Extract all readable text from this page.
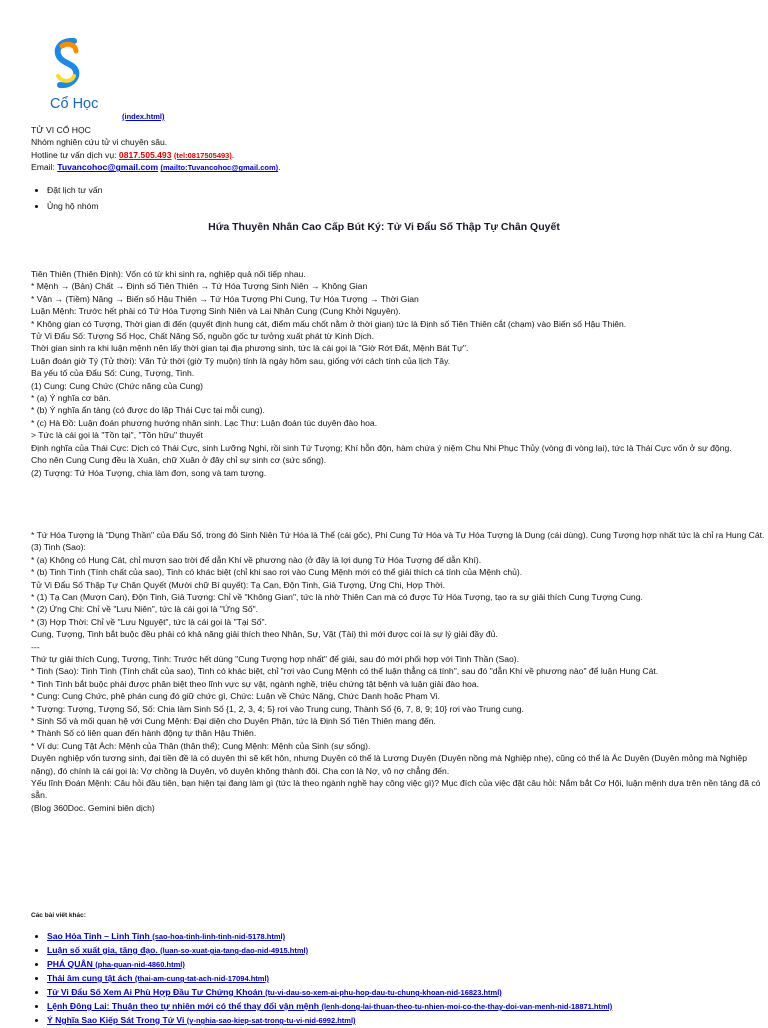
Cổ Học
(index.html)
TỬ VI CỔ HỌC
Nhóm nghiên cứu tử vi chuyên sâu.
Hotline tư vấn dịch vụ: 0817.505.493 (tel:0817505493).
Email: Tuvancohoc@gmail.com (mailto:Tuvancohoc@gmail.com).
• Đặt lịch tư vấn
• Ủng hộ nhóm
Hứa Thuyên Nhân Cao Cấp Bút Ký: Tử Vi Đẩu Số Thập Tự Chân Quyết

Tiên Thiên (Thiên Định): Vốn có từ khi sinh ra, nghiệp quả nối tiếp nhau.

* Mệnh → (Bản) Chất → Định số Tiên Thiên → Tứ Hóa Tượng Sinh Niên → Không Gian

* Vận → (Tiềm) Năng → Biến số Hậu Thiên → Tứ Hóa Tượng Phi Cung, Tự Hóa Tượng → Thời Gian

Luận Mệnh: Trước hết phải có Tứ Hóa Tượng Sinh Niên và Lai Nhân Cung (Cung Khởi Nguyên).

* Không gian có Tượng, Thời gian đi đến (quyết định hung cát, điểm mấu chốt nằm ở thời gian) tức là Định số Tiên Thiên cắt (chạm) vào Biến số Hậu Thiên.

Tử Vi Đẩu Số: Tượng Số Học, Chất Năng Số, nguồn gốc tư tưởng xuất phát từ Kinh Dịch.

Thời gian sinh ra khi luận mệnh nên lấy thời gian tại địa phương sinh, tức là cái gọi là "Giờ Rớt Đất, Mệnh Bát Tự".

Luận đoán giờ Tý (Tử thời): Vãn Tử thời (giờ Tý muộn) tính là ngày hôm sau, giống với cách tính của lịch Tây.

Ba yếu tố của Đẩu Số: Cung, Tượng, Tinh.

(1) Cung: Cung Chức (Chức năng của Cung)

* (a) Ý nghĩa cơ bản.

* (b) Ý nghĩa ẩn tàng (có được do lập Thái Cực tại mỗi cung).

* (c) Hà Đồ: Luận đoán phương hướng nhân sinh. Lạc Thư: Luận đoán túc duyên đào hoa.

> Tức là cái gọi là "Tồn tại", "Tồn hữu" thuyết

Định nghĩa của Thái Cực: Dịch có Thái Cực, sinh Lưỡng Nghi, rồi sinh Tứ Tượng; Khí hỗn độn, hàm chứa ý niệm Chu Nhi Phục Thủy (vòng đi vòng lại), tức là Thái Cực vốn ở sự động.

Cho nên Cung Cung đều là Xuân, chữ Xuân ở đây chỉ sự sinh cơ (sức sống).

(2) Tượng: Tứ Hóa Tượng, chia làm đơn, song và tam tượng.

* Tứ Hóa Tượng là "Dụng Thần" của Đẩu Số, trong đó Sinh Niên Tứ Hóa là Thể (cái gốc), Phi Cung Tứ Hóa và Tự Hóa Tượng là Dụng (cái dùng). Cung Tượng hợp nhất tức là chỉ ra Hung Cát.

(3) Tinh (Sao):

* (a) Không có Hung Cát, chỉ mượn sao trời để dẫn Khí về phương nào (ở đây là lợi dụng Tứ Hóa Tượng để dẫn Khí).

* (b) Tinh Tình (Tính chất của sao), Tinh có khác biệt (chỉ khi sao rơi vào Cung Mệnh mới có thể giải thích cá tính của Mệnh chủ).

Tử Vi Đẩu Số Thập Tự Chân Quyết (Mười chữ Bí quyết): Tạ Can, Độn Tinh, Giả Tượng, Ứng Chi, Hợp Thời.

* (1) Tạ Can (Mượn Can), Độn Tinh, Giả Tượng: Chỉ về "Không Gian", tức là nhờ Thiên Can mà có được Tứ Hóa Tượng, tạo ra sự giải thích Cung Tượng Cung.

* (2) Ứng Chi: Chỉ về "Lưu Niên", tức là cái gọi là "Ứng Số".

* (3) Hợp Thời: Chỉ về "Lưu Nguyệt", tức là cái gọi là "Tại Số".

Cung, Tượng, Tinh bắt buộc đều phải có khả năng giải thích theo Nhân, Sự, Vật (Tài) thì mới được coi là sự lý giải đầy đủ.

---

Thứ tự giải thích Cung, Tượng, Tinh: Trước hết dùng "Cung Tượng hợp nhất" để giải, sau đó mới phối hợp với Tinh Thần (Sao).

* Tinh (Sao): Tinh Tình (Tính chất của sao), Tinh có khác biệt, chỉ "rơi vào Cung Mệnh có thể luận thẳng cá tính", sau đó "dẫn Khí về phương nào" để luận Hung Cát.

* Tinh Tình bắt buộc phải được phân biệt theo lĩnh vực sự vật, ngành nghề, triệu chứng tật bệnh và luận giải đào hoa.

* Cung: Cung Chức, phê phán cung đó giữ chức gì, Chức: Luận về Chức Năng, Chức Danh hoặc Phạm Vi.

* Tượng: Tượng, Tượng Số, Số: Chia làm Sinh Số {1, 2, 3, 4; 5} rơi vào Trung cung, Thành Số {6, 7, 8, 9; 10} rơi vào Trung cung.

* Sinh Số và mối quan hệ với Cung Mệnh: Đại diện cho Duyên Phận, tức là Định Số Tiên Thiên mang đến.

* Thành Số có liên quan đến hành động tự thân Hậu Thiên.

* Ví dụ: Cung Tật Ách: Mệnh của Thân (thân thể); Cung Mệnh: Mệnh của Sinh (sự sống).

Duyên nghiệp vốn tương sinh, đại tiền đề là có duyên thì sẽ kết hôn, nhưng Duyên có thể là Lương Duyên (Duyên nồng mà Nghiệp nhẹ), cũng có thể là Ác Duyên (Duyên mỏng mà Nghiệp nặng), đó chính là cái gọi là: Vợ chồng là Duyên, vô duyên không thành đôi. Cha con là Nợ, vô nợ chẳng đến.

Yếu lĩnh Đoán Mệnh: Câu hỏi đầu tiên, bạn hiện tại đang làm gì (tức là theo ngành nghề hay công việc gì)? Mục đích của việc đặt câu hỏi: Nắm bắt Cơ Hội, luận mệnh dựa trên nền tảng đã có sẵn.

(Blog 360Doc. Gemini biên dịch)

Các bài viết khác:
• Sao Hỏa Tinh – Linh Tinh (sao-hoa-tinh-linh-tinh-nid-5178.html)
• Luận số xuất gia, tăng đạo. (luan-so-xuat-gia-tang-dao-nid-4915.html)
• PHÁ QUÂN (pha-quan-nid-4860.html)
• Thái âm cung tật ách (thai-am-cung-tat-ach-nid-17094.html)
• Tử Vi Đẩu Số Xem Ai Phù Hợp Đầu Tư Chứng Khoán (tu-vi-dau-so-xem-ai-phu-hop-dau-tu-chung-khoan-nid-16823.html)
• Lệnh Đông Lai: Thuận theo tự nhiên mới có thể thay đổi vận mệnh (lenh-dong-lai-thuan-theo-tu-nhien-moi-co-the-thay-doi-van-menh-nid-18871.html)
• Ý Nghĩa Sao Kiếp Sát Trong Tử Vi (y-nghia-sao-kiep-sat-trong-tu-vi-nid-6992.html)
